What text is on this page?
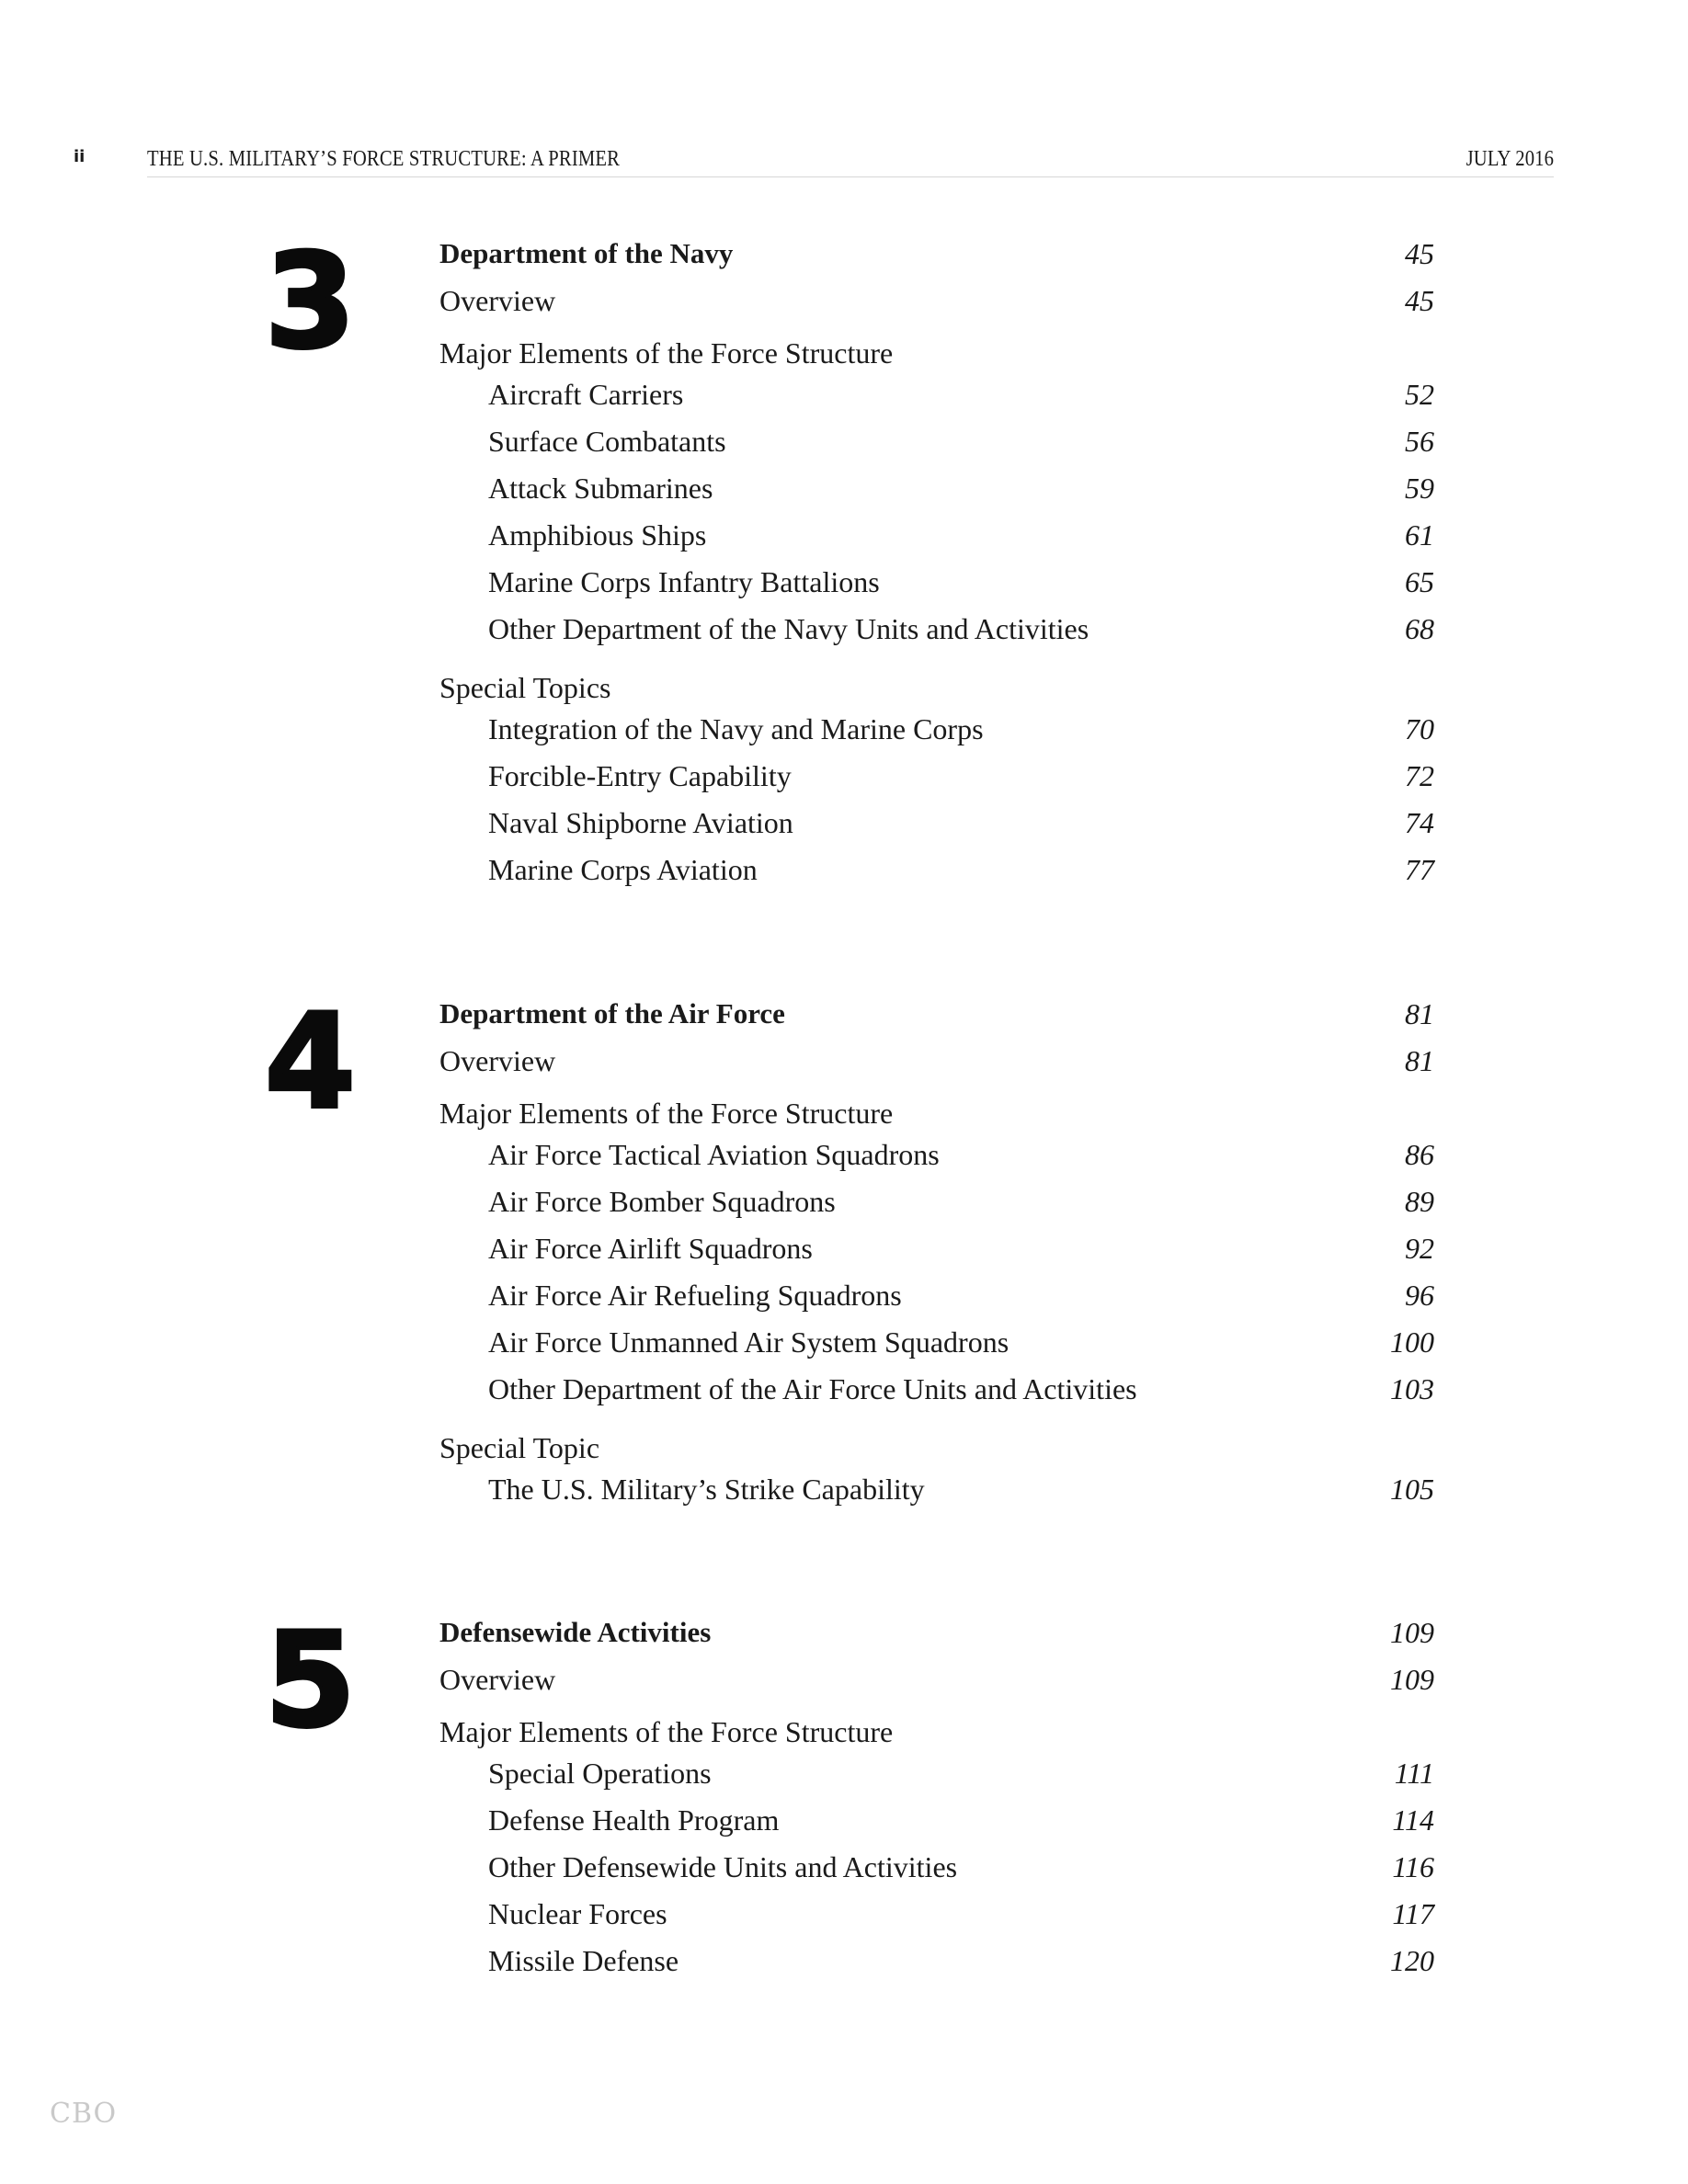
ii	THE U.S. MILITARY’S FORCE STRUCTURE: A PRIMER	JULY 2016
3	Department of the Navy	45
Overview	45
Major Elements of the Force Structure
Aircraft Carriers	52
Surface Combatants	56
Attack Submarines	59
Amphibious Ships	61
Marine Corps Infantry Battalions	65
Other Department of the Navy Units and Activities	68
Special Topics
Integration of the Navy and Marine Corps	70
Forcible-Entry Capability	72
Naval Shipborne Aviation	74
Marine Corps Aviation	77
4	Department of the Air Force	81
Overview	81
Major Elements of the Force Structure
Air Force Tactical Aviation Squadrons	86
Air Force Bomber Squadrons	89
Air Force Airlift Squadrons	92
Air Force Air Refueling Squadrons	96
Air Force Unmanned Air System Squadrons	100
Other Department of the Air Force Units and Activities	103
Special Topic
The U.S. Military’s Strike Capability	105
5	Defensewide Activities	109
Overview	109
Major Elements of the Force Structure
Special Operations	111
Defense Health Program	114
Other Defensewide Units and Activities	116
Nuclear Forces	117
Missile Defense	120
CBO
